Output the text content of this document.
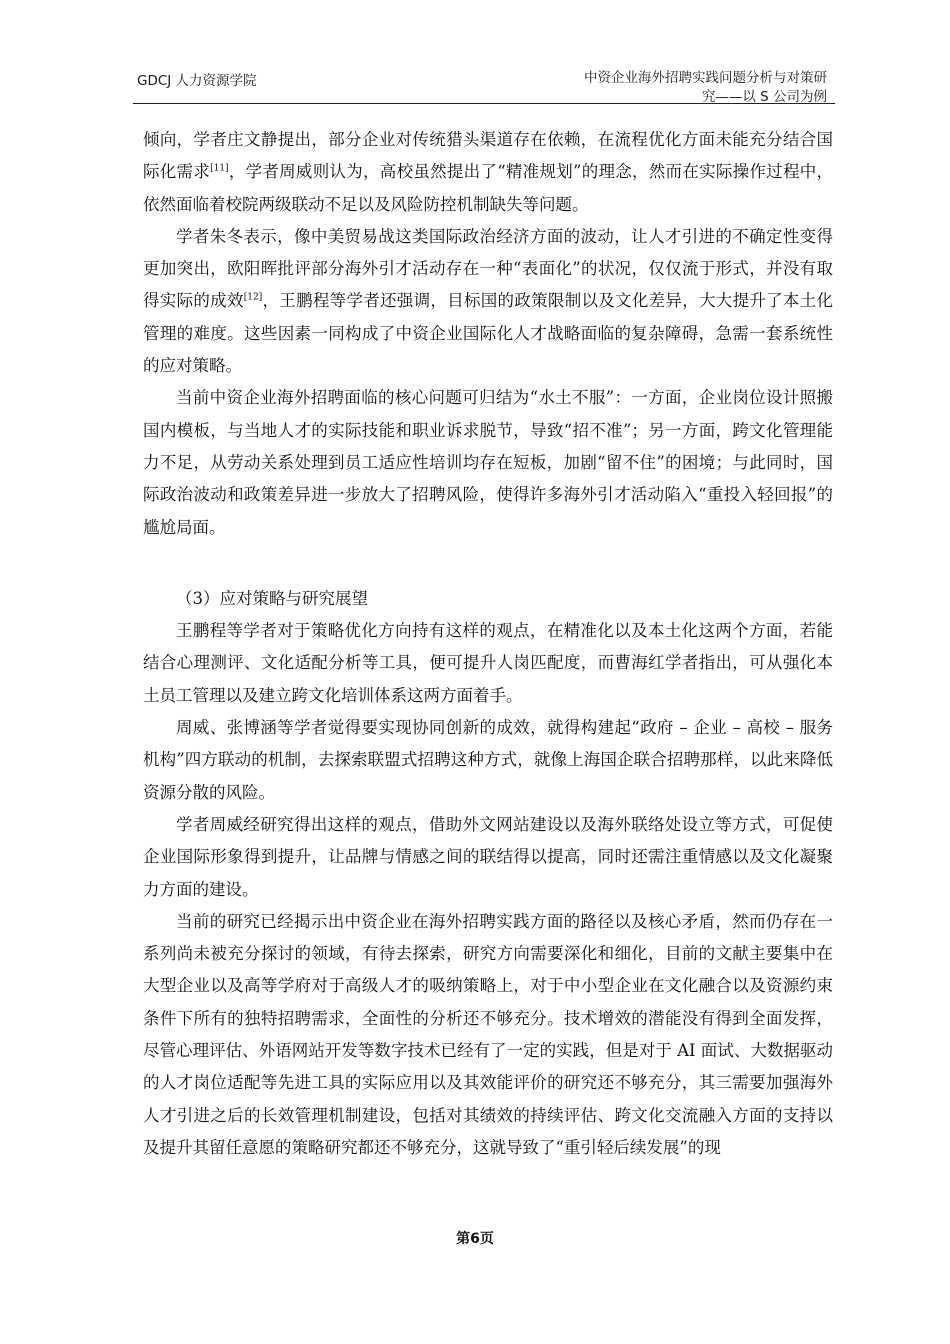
GDCJ 人力资源学院	中资企业海外招聘实践问题分析与对策研
究——以 S 公司为例

倾向，学者庄文静提出，部分企业对传统猎头渠道存在依赖，在流程优化方面未能充分结合国际化需求[11]，学者周威则认为，高校虽然提出了“精准规划”的理念，然而在实际操作过程中，依然面临着校院两级联动不足以及风险防控机制缺失等问题。

学者朱冬表示，像中美贸易战这类国际政治经济方面的波动，让人才引进的不确定性变得更加突出，欧阳晖批评部分海外引才活动存在一种“表面化”的状况，仅仅流于形式，并没有取得实际的成效[12]，王鹏程等学者还强调，目标国的政策限制以及文化差异，大大提升了本土化管理的难度。这些因素一同构成了中资企业国际化人才战略面临的复杂障碍，急需一套系统性的应对策略。

当前中资企业海外招聘面临的核心问题可归结为“水土不服”：一方面，企业岗位设计照搬国内模板，与当地人才的实际技能和职业诉求脱节，导致“招不准”；另一方面，跨文化管理能力不足，从劳动关系处理到员工适应性培训均存在短板，加剧“留不住”的困境；与此同时，国际政治波动和政策差异进一步放大了招聘风险，使得许多海外引才活动陷入“重投入轻回报”的尴尬局面。

（3）应对策略与研究展望

王鹏程等学者对于策略优化方向持有这样的观点，在精准化以及本土化这两个方面，若能结合心理测评、文化适配分析等工具，便可提升人岗匹配度，而曹海红学者指出，可从强化本土员工管理以及建立跨文化培训体系这两方面着手。

周威、张博涵等学者觉得要实现协同创新的成效，就得构建起“政府 – 企业 – 高校 – 服务机构”四方联动的机制，去探索联盟式招聘这种方式，就像上海国企联合招聘那样，以此来降低资源分散的风险。

学者周威经研究得出这样的观点，借助外文网站建设以及海外联络处设立等方式，可促使企业国际形象得到提升，让品牌与情感之间的联结得以提高，同时还需注重情感以及文化凝聚力方面的建设。

当前的研究已经揭示出中资企业在海外招聘实践方面的路径以及核心矛盾，然而仍存在一系列尚未被充分探讨的领域，有待去探索，研究方向需要深化和细化，目前的文献主要集中在大型企业以及高等学府对于高级人才的吸纳策略上，对于中小型企业在文化融合以及资源约束条件下所有的独特招聘需求，全面性的分析还不够充分。技术增效的潜能没有得到全面发挥，尽管心理评估、外语网站开发等数字技术已经有了一定的实践，但是对于 AI 面试、大数据驱动的人才岗位适配等先进工具的实际应用以及其效能评价的研究还不够充分，其三需要加强海外人才引进之后的长效管理机制建设，包括对其绩效的持续评估、跨文化交流融入方面的支持以及提升其留任意愿的策略研究都还不够充分，这就导致了“重引轻后续发展”的现

第6页
